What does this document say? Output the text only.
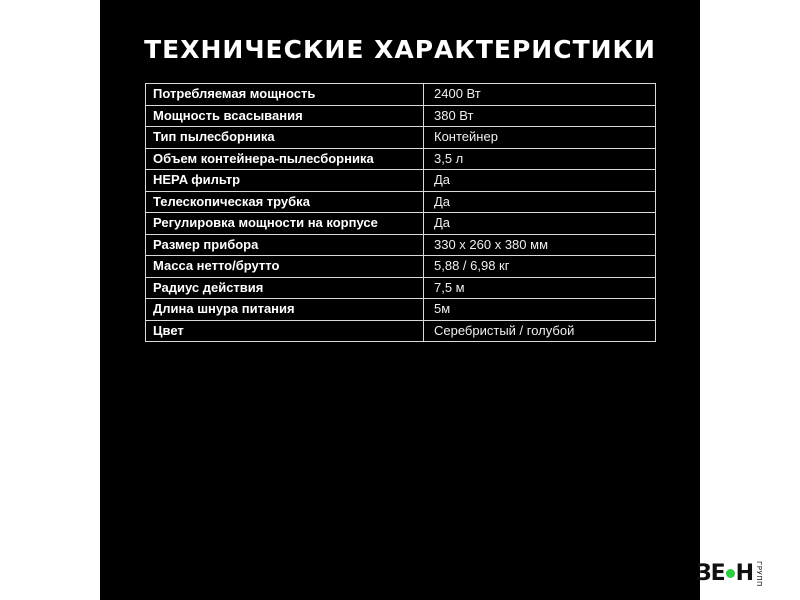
ТЕХНИЧЕСКИЕ ХАРАКТЕРИСТИКИ
Потребляемая мощность	2400 Вт
Мощность всасывания	380 Вт
Тип пылесборника	Контейнер
Объем контейнера-пылесборника	3,5 л
HEPA фильтр	Да
Телескопическая трубка	Да
Регулировка мощности на корпусе	Да
Размер прибора	330 х 260 х 380 мм
Масса нетто/брутто	5,88 / 6,98 кг
Радиус действия	7,5 м
Длина шнура питания	5м
Цвет	Серебристый / голубой
ЗЕ Н ГРУПП
